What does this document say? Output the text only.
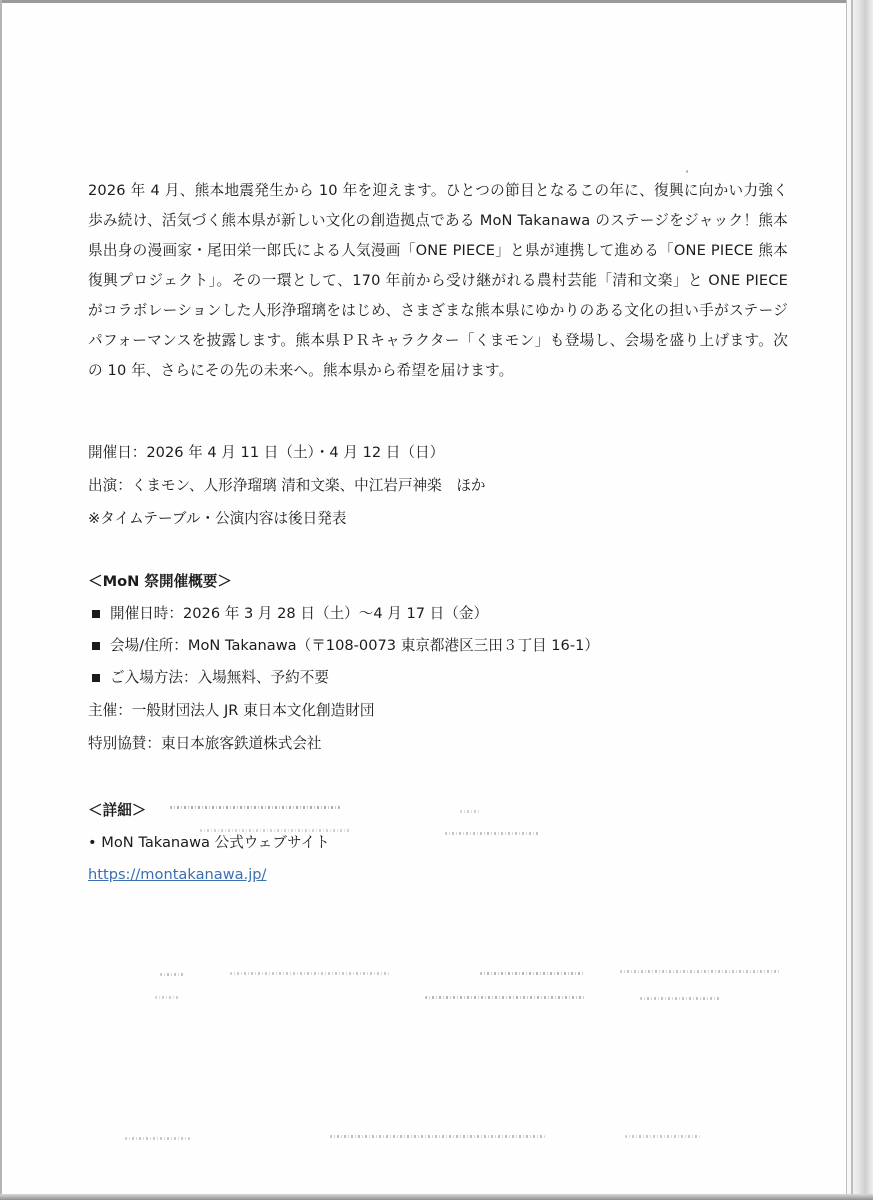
2026 年 4 月、熊本地震発生から 10 年を迎えます。ひとつの節目となるこの年に、復興に向かい力強く歩み続け、活気づく熊本県が新しい文化の創造拠点である MoN Takanawa のステージをジャック！熊本県出身の漫画家・尾田栄一郎氏による人気漫画「ONE PIECE」と県が連携して進める「ONE PIECE 熊本復興プロジェクト」。その一環として、170 年前から受け継がれる農村芸能「清和文楽」と ONE PIECE がコラボレーションした人形浄瑠璃をはじめ、さまざまな熊本県にゆかりのある文化の担い手がステージパフォーマンスを披露します。熊本県ＰＲキャラクター「くまモン」も登場し、会場を盛り上げます。次の 10 年、さらにその先の未来へ。熊本県から希望を届けます。

開催日：2026 年 4 月 11 日（土）・4 月 12 日（日）
出演：くまモン、人形浄瑠璃 清和文楽、中江岩戸神楽　ほか
※タイムテーブル・公演内容は後日発表
＜MoN 祭開催概要＞
開催日時：2026 年 3 月 28 日（土）～4 月 17 日（金）
会場/住所：MoN Takanawa（〒108-0073 東京都港区三田３丁目 16-1）
ご入場方法：入場無料、予約不要
主催：一般財団法人 JR 東日本文化創造財団
特別協賛：東日本旅客鉄道株式会社
＜詳細＞
• MoN Takanawa 公式ウェブサイト
https://montakanawa.jp/
